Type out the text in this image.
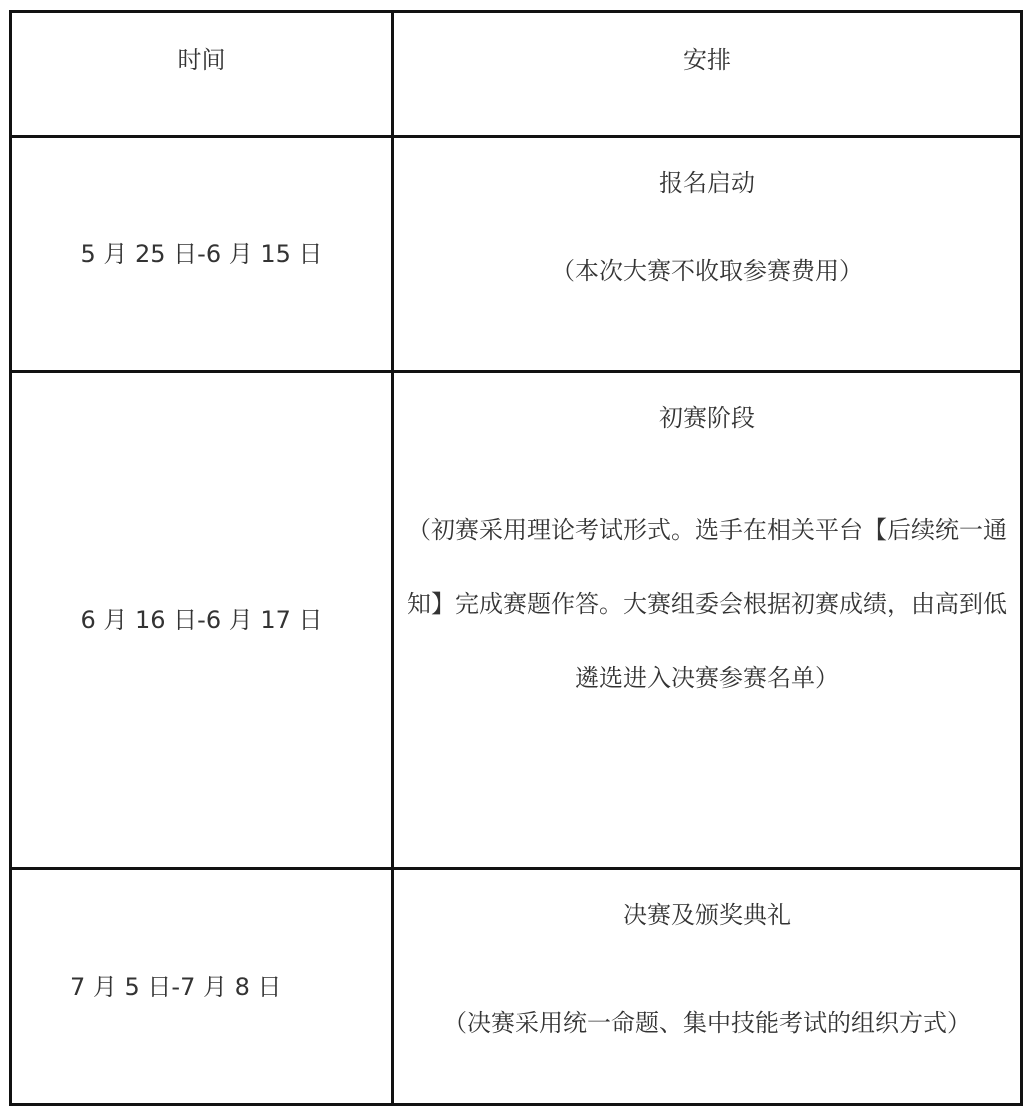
时间	安排

5 月 25 日-6 月 15 日	报名启动
（本次大赛不收取参赛费用）

6 月 16 日-6 月 17 日	初赛阶段
（初赛采用理论考试形式。选手在相关平台【后续统一通知】完成赛题作答。大赛组委会根据初赛成绩，由高到低遴选进入决赛参赛名单）

7 月 5 日-7 月 8 日	决赛及颁奖典礼
（决赛采用统一命题、集中技能考试的组织方式）
